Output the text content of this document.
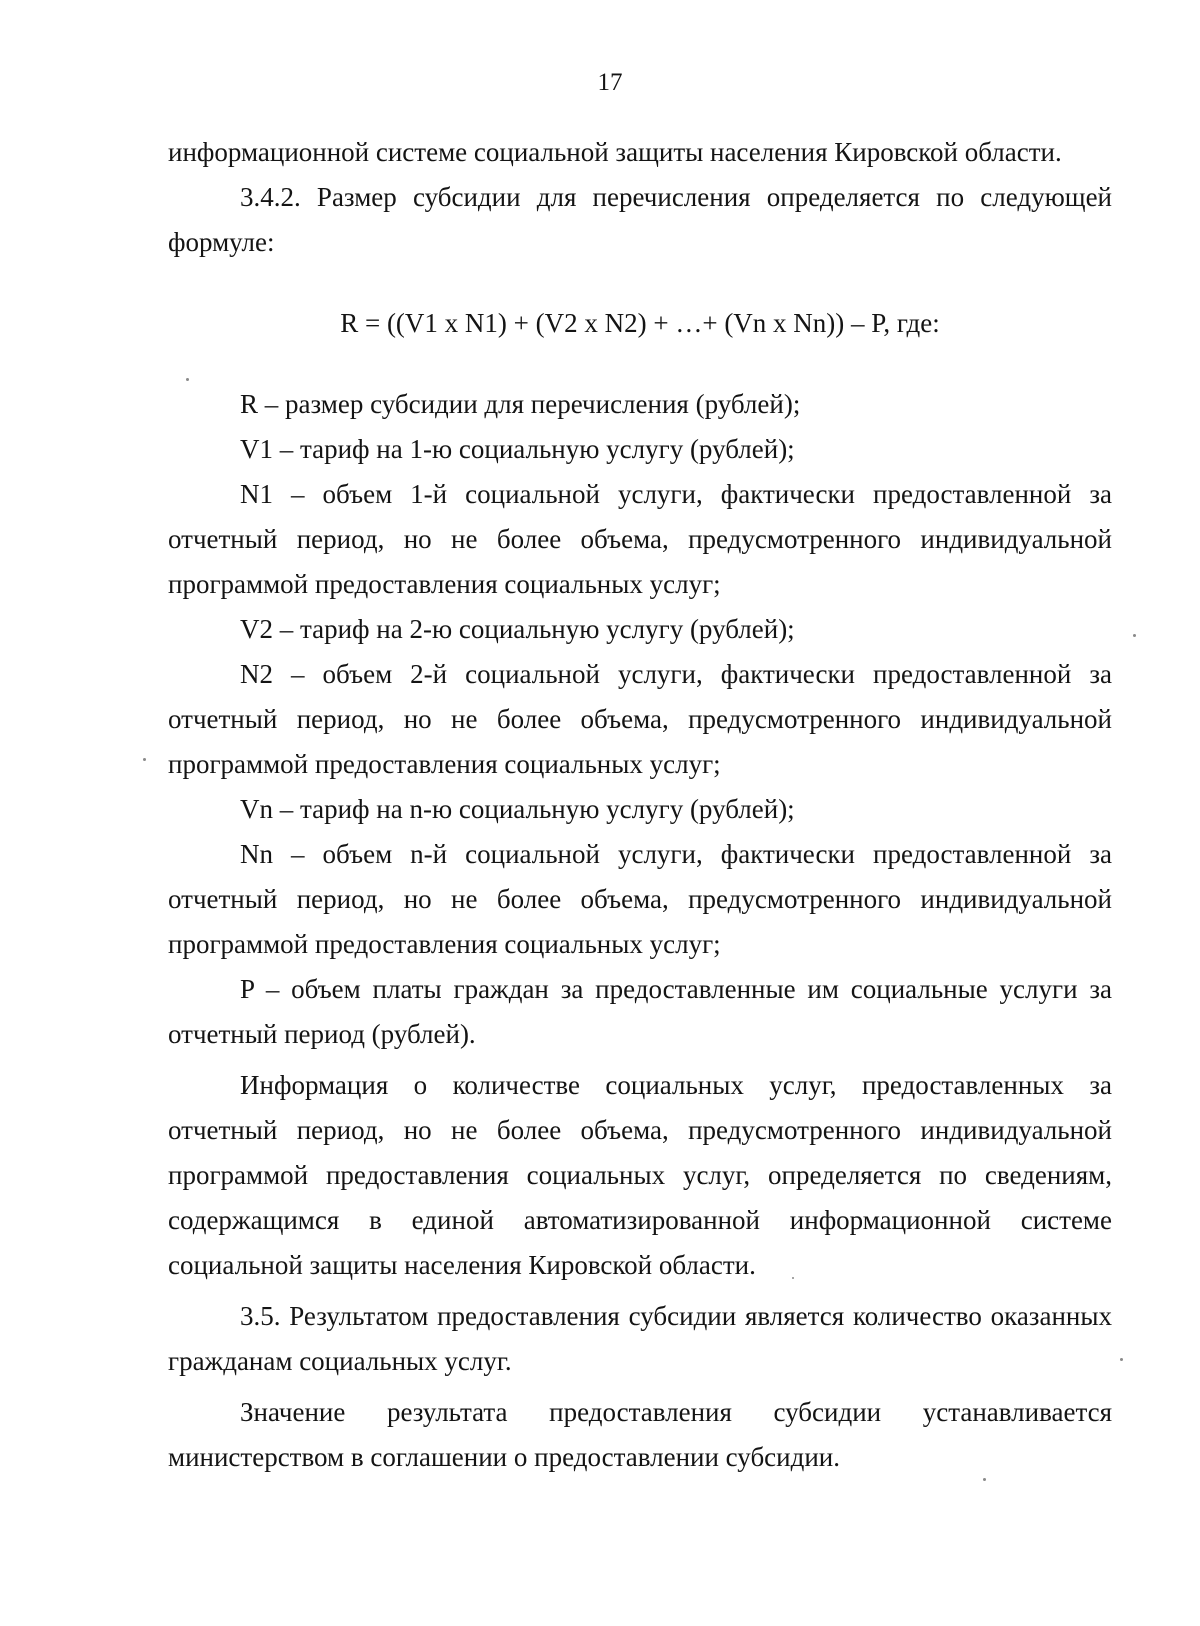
17

информационной системе социальной защиты населения Кировской области.

3.4.2. Размер субсидии для перечисления определяется по следующей формуле:

R = ((V1 x N1) + (V2 x N2) + …+ (Vn x Nn)) – P, где:

R – размер субсидии для перечисления (рублей);

V1 – тариф на 1-ю социальную услугу (рублей);

N1 – объем 1-й социальной услуги, фактически предоставленной за отчетный период, но не более объема, предусмотренного индивидуальной программой предоставления социальных услуг;

V2 – тариф на 2-ю социальную услугу (рублей);

N2 – объем 2-й социальной услуги, фактически предоставленной за отчетный период, но не более объема, предусмотренного индивидуальной программой предоставления социальных услуг;

Vn – тариф на n-ю социальную услугу (рублей);

Nn – объем n-й социальной услуги, фактически предоставленной за отчетный период, но не более объема, предусмотренного индивидуальной программой предоставления социальных услуг;

P – объем платы граждан за предоставленные им социальные услуги за отчетный период (рублей).

Информация о количестве социальных услуг, предоставленных за отчетный период, но не более объема, предусмотренного индивидуальной программой предоставления социальных услуг, определяется по сведениям, содержащимся в единой автоматизированной информационной системе социальной защиты населения Кировской области.

3.5. Результатом предоставления субсидии является количество оказанных гражданам социальных услуг.

Значение результата предоставления субсидии устанавливается министерством в соглашении о предоставлении субсидии.
